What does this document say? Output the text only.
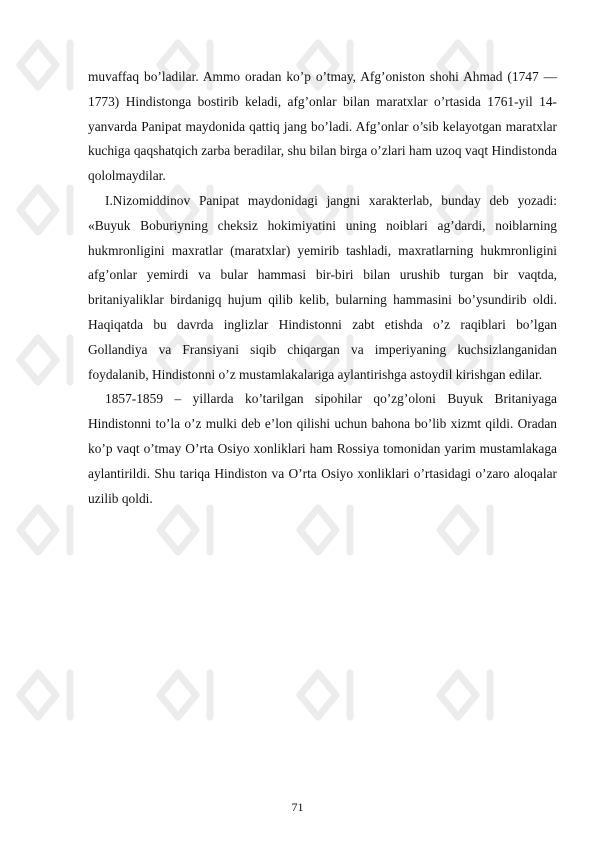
muvaffaq bo’ladilar. Ammo oradan ko’p o’tmay, Afg’oniston shohi Ahmad (1747 —1773) Hindistonga bostirib keladi, afg’onlar bilan maratxlar o’rtasida 1761-yil 14-yanvarda Panipat maydonida qattiq jang bo’ladi. Afg’onlar o’sib kelayotgan maratxlar kuchiga qaqshatqich zarba beradilar, shu bilan birga o’zlari ham uzoq vaqt Hindistonda qololmaydilar.

I.Nizomiddinov Panipat maydonidagi jangni xarakterlab, bunday deb yozadi: «Buyuk Boburiyning cheksiz hokimiyatini uning noiblari ag’dardi, noiblarning hukmronligini maxratlar (maratxlar) yemirib tashladi, maxratlarning hukmronligini afg’onlar yemirdi va bular hammasi bir-biri bilan urushib turgan bir vaqtda, britaniyaliklar birdanigq hujum qilib kelib, bularning hammasini bo’ysundirib oldi. Haqiqatda bu davrda inglizlar Hindistonni zabt etishda o’z raqiblari bo’lgan Gollandiya va Fransiyani siqib chiqargan va imperiyaning kuchsizlanganidan foydalanib, Hindistonni o’z mustamlakalariga aylantirishga astoydil kirishgan edilar.

1857-1859 – yillarda ko’tarilgan sipohilar qo’zg’oloni Buyuk Britaniyaga Hindistonni to’la o’z mulki deb e’lon qilishi uchun bahona bo’lib xizmt qildi. Oradan ko’p vaqt o’tmay O’rta Osiyo xonliklari ham Rossiya tomonidan yarim mustamlakaga aylantirildi. Shu tariqa Hindiston va O’rta Osiyo xonliklari o’rtasidagi o’zaro aloqalar uzilib qoldi.

71
